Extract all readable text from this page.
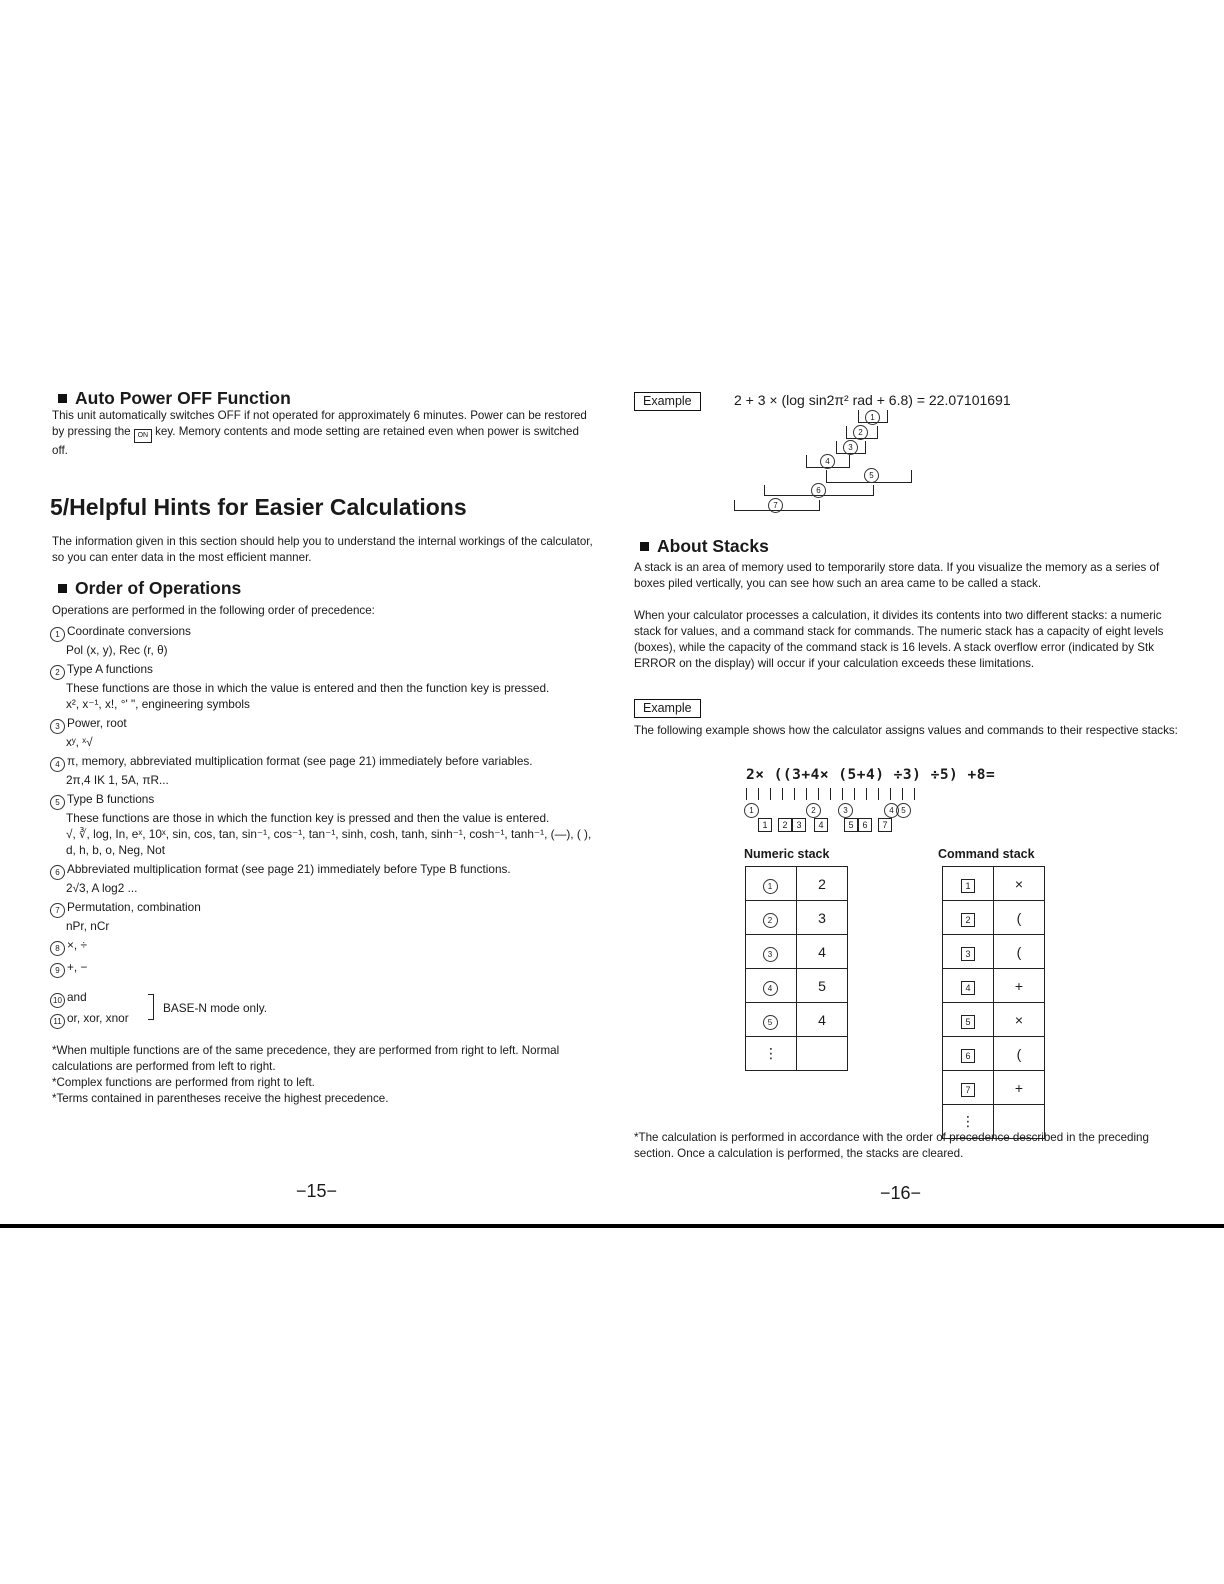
Auto Power OFF Function

This unit automatically switches OFF if not operated for approximately 6 minutes. Power can be restored by pressing the ON key. Memory contents and mode setting are retained even when power is switched off.

5/Helpful Hints for Easier Calculations

The information given in this section should help you to understand the internal workings of the calculator, so you can enter data in the most efficient manner.

Order of Operations

Operations are performed in the following order of precedence:

1 Coordinate conversions
Pol (x, y), Rec (r, θ)
2 Type A functions
These functions are those in which the value is entered and then the function key is pressed.
x², x⁻¹, x!, °' ", engineering symbols
3 Power, root
xʸ, ˣ√
4 π, memory, abbreviated multiplication format (see page 21) immediately before variables.
2π,4 IK 1, 5A, πR...
5 Type B functions
These functions are those in which the function key is pressed and then the value is entered.
√, ∛, log, In, eˣ, 10ˣ, sin, cos, tan, sin⁻¹, cos⁻¹, tan⁻¹, sinh, cosh, tanh, sinh⁻¹, cosh⁻¹, tanh⁻¹, (—), ( ), d, h, b, o, Neg, Not
6 Abbreviated multiplication format (see page 21) immediately before Type B functions.
2√3, A log2 ...
7 Permutation, combination
nPr, nCr
8 ×, ÷
9 +, −
10 and
11 or, xor, xnor
BASE-N mode only.
*When multiple functions are of the same precedence, they are performed from right to left. Normal calculations are performed from left to right.
*Complex functions are performed from right to left.
*Terms contained in parentheses receive the highest precedence.
−15−
Example	2 + 3 × (log sin2π² rad + 6.8) = 22.07101691
1
2
3
4
5
6
7
About Stacks

A stack is an area of memory used to temporarily store data. If you visualize the memory as a series of boxes piled vertically, you can see how such an area came to be called a stack.

When your calculator processes a calculation, it divides its contents into two different stacks: a numeric stack for values, and a command stack for commands. The numeric stack has a capacity of eight levels (boxes), while the capacity of the command stack is 16 levels. A stack overflow error (indicated by Stk ERROR on the display) will occur if your calculation exceeds these limitations.

Example

The following example shows how the calculator assigns values and commands to their respective stacks:

2× ((3+4× (5+4) ÷3) ÷5) +8=
1	2	3	4 5
1	2 3	4	5 6	7
Numeric stack	Command stack
1	2
2	3
3	4
4	5
5	4
⋮	
1	×
2	(
3	(
4	+
5	×
6	(
7	+
⋮	

*The calculation is performed in accordance with the order of precedence described in the preceding section. Once a calculation is performed, the stacks are cleared.

−16−
